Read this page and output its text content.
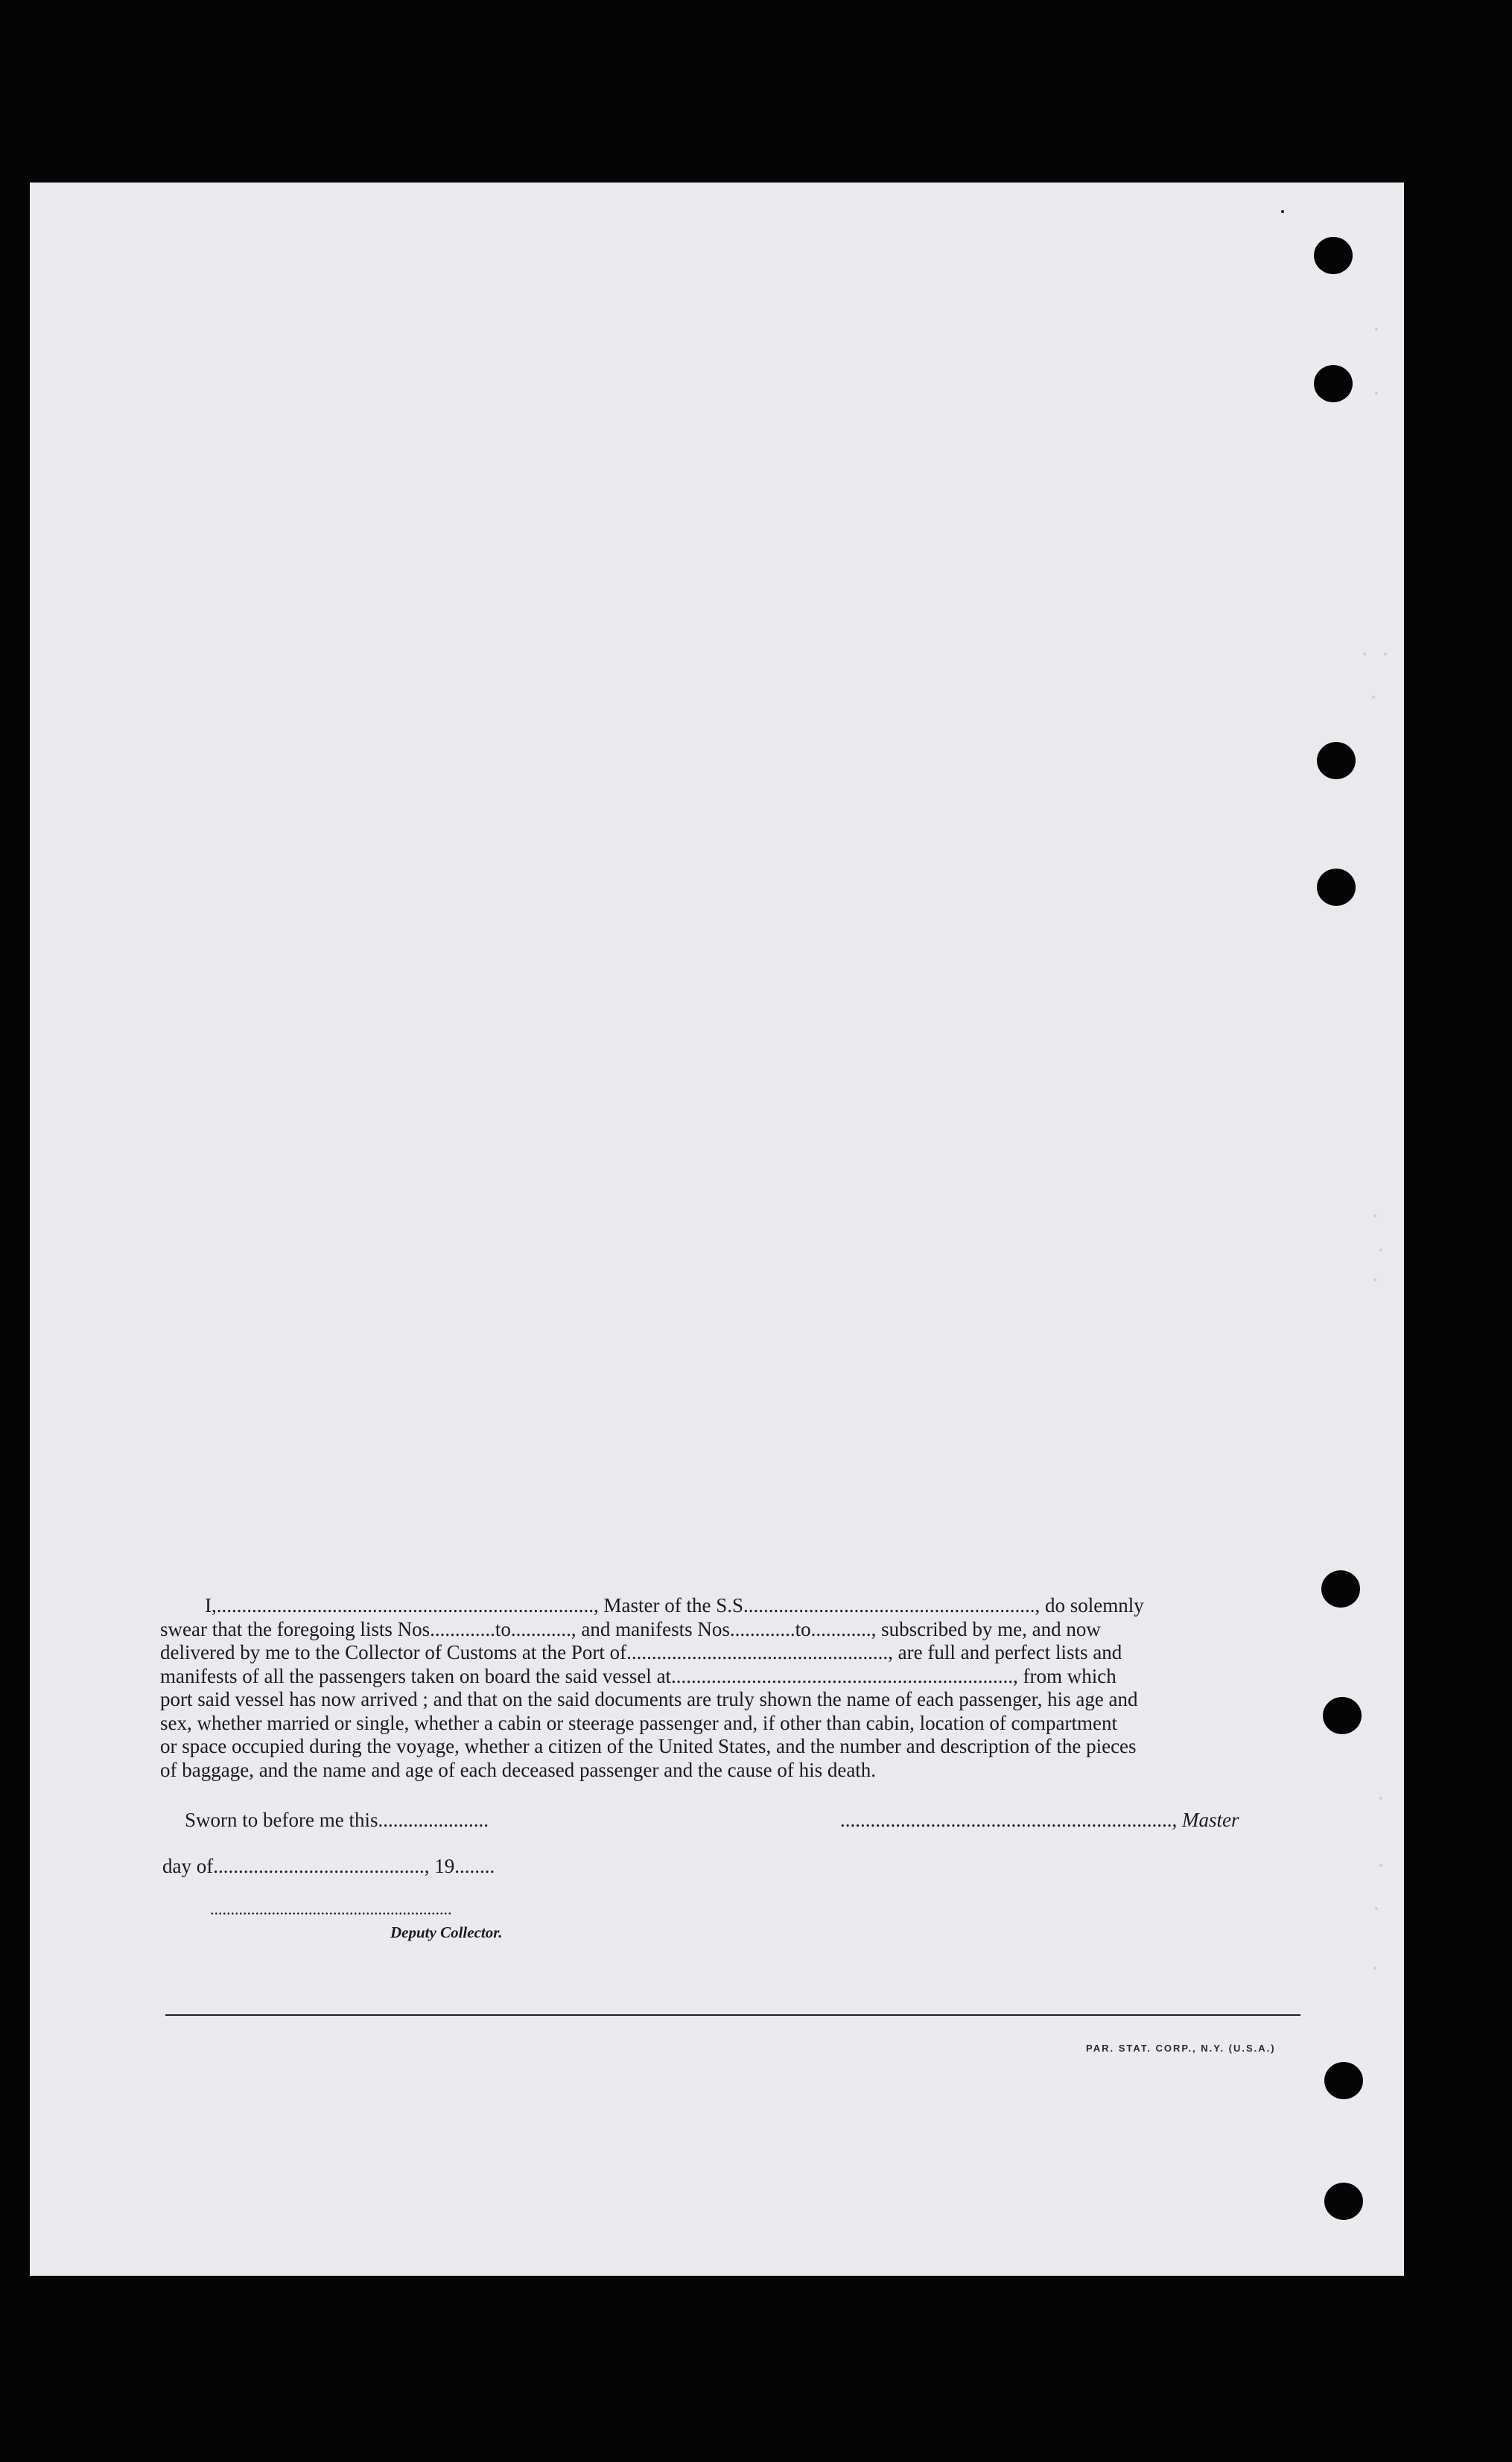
I,..........................................................................., Master of the S.S.........................................................., do solemnly
swear that the foregoing lists Nos.............to............, and manifests Nos.............to............, subscribed by me, and now
delivered by me to the Collector of Customs at the Port of...................................................., are full and perfect lists and
manifests of all the passengers taken on board the said vessel at...................................................................., from which
port said vessel has now arrived ; and that on the said documents are truly shown the name of each passenger, his age and
sex, whether married or single, whether a cabin or steerage passenger and, if other than cabin, location of compartment
or space occupied during the voyage, whether a citizen of the United States, and the number and description of the pieces
of baggage, and the name and age of each deceased passenger and the cause of his death.
Sworn to before me this......................	.................................................................., Master
day of.........................................., 19........
...........................................................
Deputy Collector.
PAR. STAT. CORP., N.Y. (U.S.A.)
